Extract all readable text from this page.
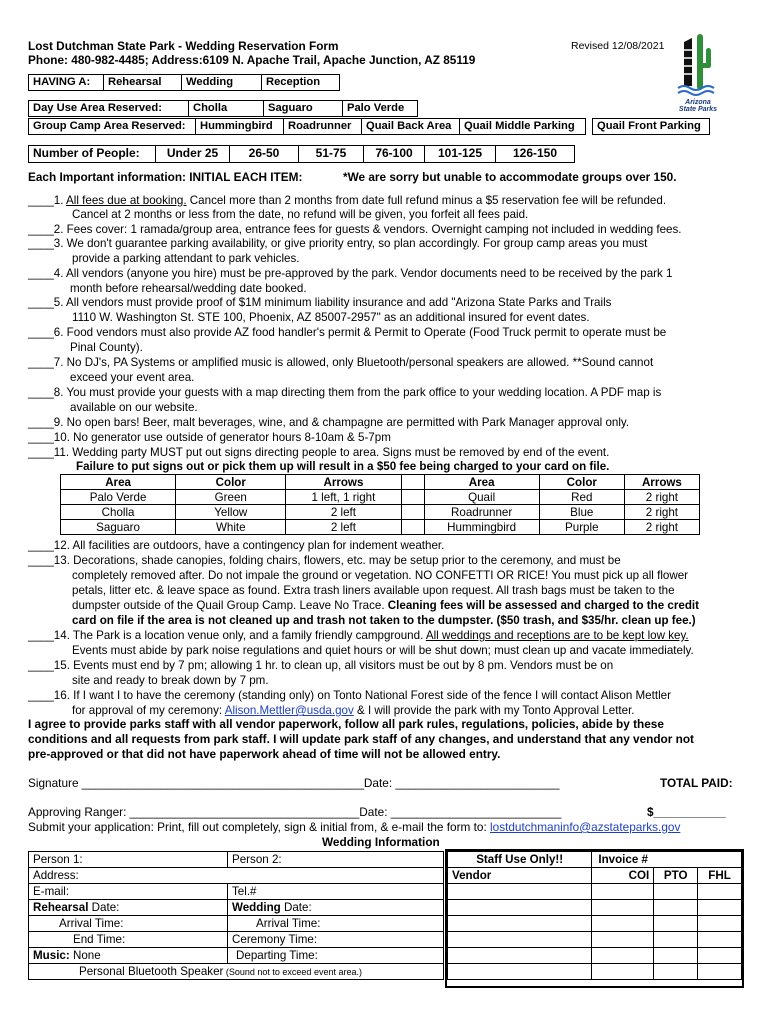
Lost Dutchman State Park - Wedding Reservation Form
Phone: 480-982-4485; Address:6109 N. Apache Trail, Apache Junction, AZ 85119
Revised 12/08/2021
Arizona
State Parks
HAVING A:	Rehearsal	Wedding	Reception
Day Use Area Reserved:	Cholla	Saguaro	Palo Verde
Group Camp Area Reserved:	Hummingbird	Roadrunner	Quail Back Area	Quail Middle Parking	Quail Front Parking
Number of People:	Under 25	26-50	51-75	76-100	101-125	126-150
Each Important information: INITIAL EACH ITEM:	*We are sorry but unable to accommodate groups over 150.
____1. All fees due at booking. Cancel more than 2 months from date full refund minus a $5 reservation fee will be refunded.
Cancel at 2 months or less from the date, no refund will be given, you forfeit all fees paid.
____2. Fees cover: 1 ramada/group area, entrance fees for guests & vendors. Overnight camping not included in wedding fees.
____3. We don't guarantee parking availability, or give priority entry, so plan accordingly. For group camp areas you must
provide a parking attendant to park vehicles.
____4. All vendors (anyone you hire) must be pre-approved by the park. Vendor documents need to be received by the park 1
month before rehearsal/wedding date booked.
____5. All vendors must provide proof of $1M minimum liability insurance and add "Arizona State Parks and Trails
1110 W. Washington St. STE 100, Phoenix, AZ 85007-2957" as an additional insured for event dates.
____6. Food vendors must also provide AZ food handler's permit & Permit to Operate (Food Truck permit to operate must be
Pinal County).
____7. No DJ's, PA Systems or amplified music is allowed, only Bluetooth/personal speakers are allowed. **Sound cannot
exceed your event area.
____8. You must provide your guests with a map directing them from the park office to your wedding location. A PDF map is
available on our website.
____9. No open bars! Beer, malt beverages, wine, and & champagne are permitted with Park Manager approval only.
____10. No generator use outside of generator hours 8-10am & 5-7pm
____11. Wedding party MUST put out signs directing people to area. Signs must be removed by end of the event.
Failure to put signs out or pick them up will result in a $50 fee being charged to your card on file.
Area	Color	Arrows		Area	Color	Arrows
Palo Verde	Green	1 left, 1 right		Quail	Red	2 right
Cholla	Yellow	2 left		Roadrunner	Blue	2 right
Saguaro	White	2 left		Hummingbird	Purple	2 right
____12. All facilities are outdoors, have a contingency plan for indement weather.
____13. Decorations, shade canopies, folding chairs, flowers, etc. may be setup prior to the ceremony, and must be
completely removed after. Do not impale the ground or vegetation. NO CONFETTI OR RICE! You must pick up all flower
petals, litter etc. & leave space as found. Extra trash liners available upon request. All trash bags must be taken to the
dumpster outside of the Quail Group Camp. Leave No Trace. Cleaning fees will be assessed and charged to the credit
card on file if the area is not cleaned up and trash not taken to the dumpster. ($50 trash, and $35/hr. clean up fee.)
____14. The Park is a location venue only, and a family friendly campground. All weddings and receptions are to be kept low key.
Events must abide by park noise regulations and quiet hours or will be shut down; must clean up and vacate immediately.
____15. Events must end by 7 pm; allowing 1 hr. to clean up, all visitors must be out by 8 pm. Vendors must be on
site and ready to break down by 7 pm.
____16. If I want I to have the ceremony (standing only) on Tonto National Forest side of the fence I will contact Alison Mettler
for approval of my ceremony: Alison.Mettler@usda.gov & I will provide the park with my Tonto Approval Letter.
I agree to provide parks staff with all vendor paperwork, follow all park rules, regulations, policies, abide by these
conditions and all requests from park staff. I will update park staff of any changes, and understand that any vendor not
pre-approved or that did not have paperwork ahead of time will not be allowed entry.
Signature ___________________________________________Date: _________________________	TOTAL PAID:
Approving Ranger: ___________________________________Date: __________________________	$___________
Submit your application: Print, fill out completely, sign & initial from, & e-mail the form to: lostdutchmaninfo@azstateparks.gov
Wedding Information
Person 1:	Person 2:
Address:	
E-mail:	Tel.#
Rehearsal Date:	Wedding Date:
Arrival Time:	Arrival Time:
End Time:	Ceremony Time:
Music: None	Departing Time:
Personal Bluetooth Speaker (Sound not to exceed event area.)	
Staff Use Only!!	Invoice #		
Vendor	COI	PTO	FHL
